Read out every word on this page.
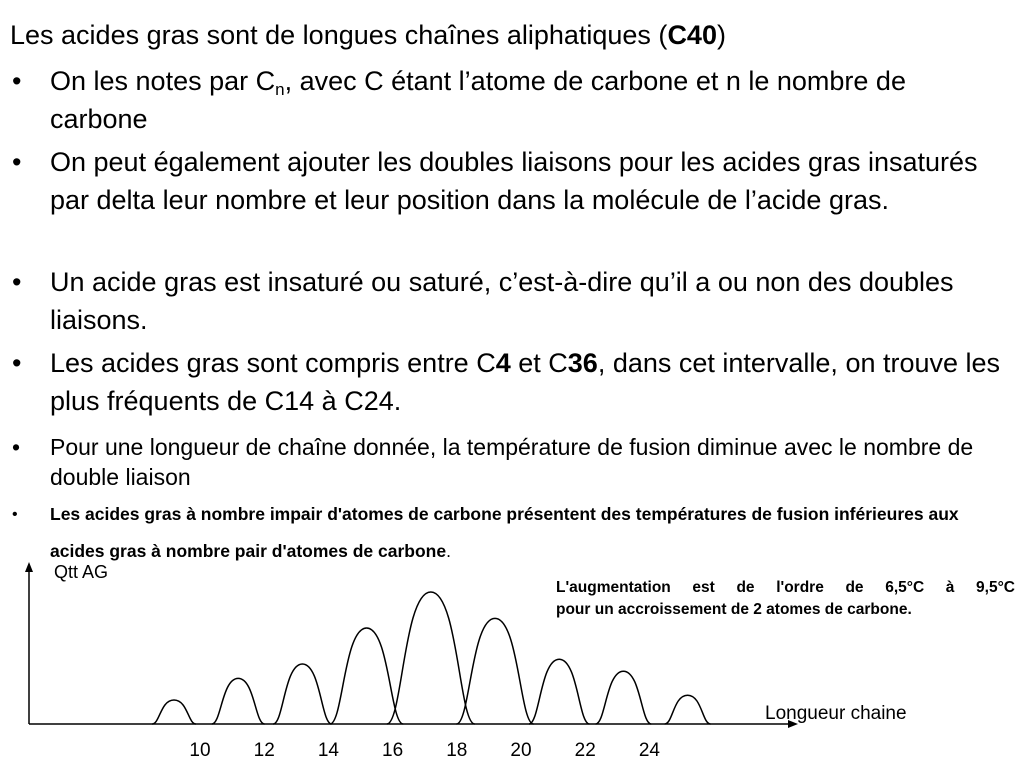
Les acides gras sont de longues chaînes aliphatiques (C40)
•	On les notes par $C_n$, avec C étant l’atome de carbone et n le nombre de carbone
•	On peut également ajouter les doubles liaisons pour les acides gras insaturés par delta leur nombre et leur position dans la molécule de l’acide gras.
•	Un acide gras est insaturé ou saturé, c’est-à-dire qu’il a ou non des doubles liaisons.
•	Les acides gras sont compris entre C4 et C36, dans cet intervalle, on trouve les plus fréquents de C14 à C24.
•	Pour une longueur de chaîne donnée, la température de fusion diminue avec le nombre de double liaison
•	Les acides gras à nombre impair d'atomes de carbone présentent des températures de fusion inférieures aux acides gras à nombre pair d'atomes de carbone.
Qtt AG
Longueur chaine
10 12 14 16 18 20 22 24
L'augmentation est de l'ordre de 6,5°C à 9,5°C
pour un accroissement de 2 atomes de carbone.
